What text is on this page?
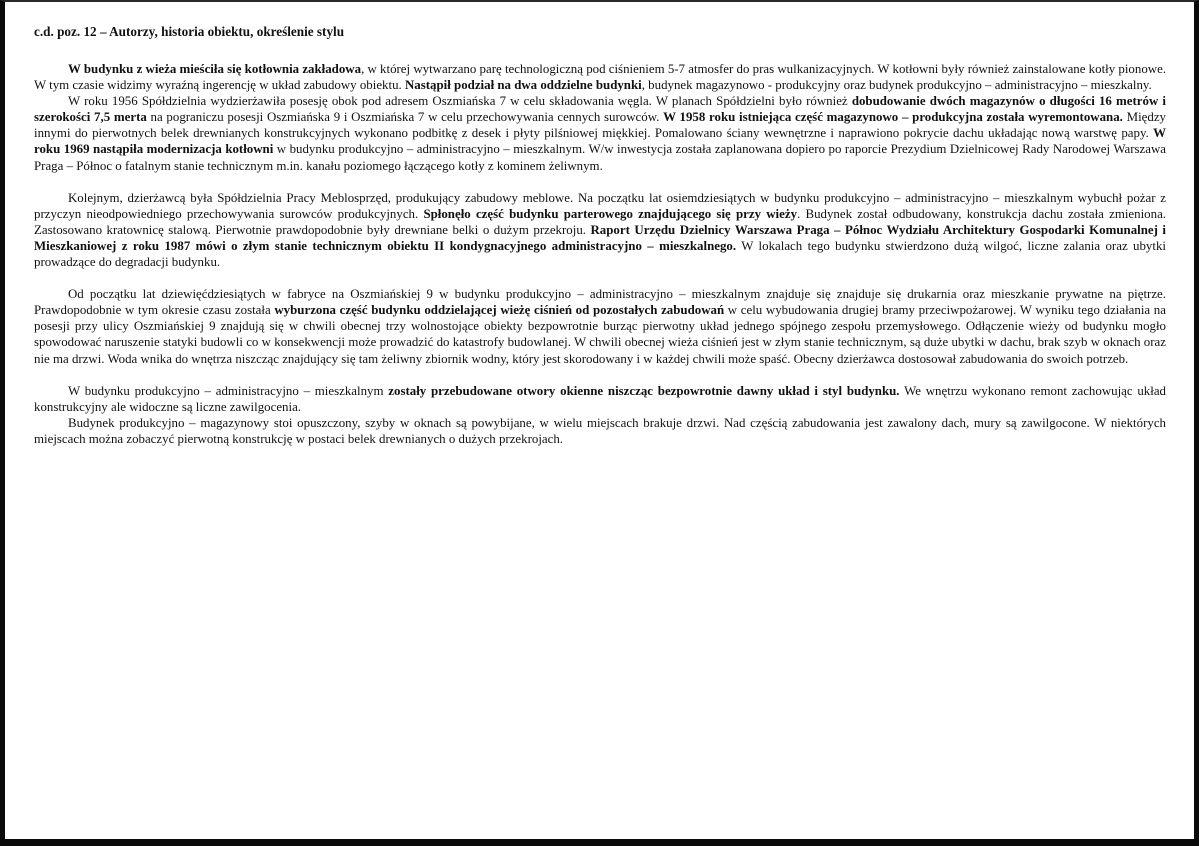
c.d. poz. 12 – Autorzy, historia obiektu, określenie stylu

W budynku z wieża mieściła się kotłownia zakładowa, w której wytwarzano parę technologiczną pod ciśnieniem 5-7 atmosfer do pras wulkanizacyjnych. W kotłowni były również zainstalowane kotły pionowe. W tym czasie widzimy wyraźną ingerencję w układ zabudowy obiektu. Nastąpił podział na dwa oddzielne budynki, budynek magazynowo - produkcyjny oraz budynek produkcyjno – administracyjno – mieszkalny.

W roku 1956 Spółdzielnia wydzierżawiła posesję obok pod adresem Oszmiańska 7 w celu składowania węgla. W planach Spółdzielni było również dobudowanie dwóch magazynów o długości 16 metrów i szerokości 7,5 merta na pograniczu posesji Oszmiańska 9 i Oszmiańska 7 w celu przechowywania cennych surowców. W 1958 roku istniejąca część magazynowo – produkcyjna została wyremontowana. Między innymi do pierwotnych belek drewnianych konstrukcyjnych wykonano podbitkę z desek i płyty pilśniowej miękkiej. Pomalowano ściany wewnętrzne i naprawiono pokrycie dachu układając nową warstwę papy. W roku 1969 nastąpiła modernizacja kotłowni w budynku produkcyjno – administracyjno – mieszkalnym. W/w inwestycja została zaplanowana dopiero po raporcie Prezydium Dzielnicowej Rady Narodowej Warszawa Praga – Północ o fatalnym stanie technicznym m.in. kanału poziomego łączącego kotły z kominem żeliwnym.

Kolejnym, dzierżawcą była Spółdzielnia Pracy Meblosprzęd, produkujący zabudowy meblowe. Na początku lat osiemdziesiątych w budynku produkcyjno – administracyjno – mieszkalnym wybuchł pożar z przyczyn nieodpowiedniego przechowywania surowców produkcyjnych. Spłonęło część budynku parterowego znajdującego się przy wieży. Budynek został odbudowany, konstrukcja dachu została zmieniona. Zastosowano kratownicę stalową. Pierwotnie prawdopodobnie były drewniane belki o dużym przekroju. Raport Urzędu Dzielnicy Warszawa Praga – Północ Wydziału Architektury Gospodarki Komunalnej i Mieszkaniowej z roku 1987 mówi o złym stanie technicznym obiektu II kondygnacyjnego administracyjno – mieszkalnego. W lokalach tego budynku stwierdzono dużą wilgoć, liczne zalania oraz ubytki prowadzące do degradacji budynku.

Od początku lat dziewięćdziesiątych w fabryce na Oszmiańskiej 9 w budynku produkcyjno – administracyjno – mieszkalnym znajduje się znajduje się drukarnia oraz mieszkanie prywatne na piętrze. Prawdopodobnie w tym okresie czasu została wyburzona część budynku oddzielającej wieżę ciśnień od pozostałych zabudowań w celu wybudowania drugiej bramy przeciwpożarowej. W wyniku tego działania na posesji przy ulicy Oszmiańskiej 9 znajdują się w chwili obecnej trzy wolnostojące obiekty bezpowrotnie burząc pierwotny układ jednego spójnego zespołu przemysłowego. Odłączenie wieży od budynku mogło spowodować naruszenie statyki budowli co w konsekwencji może prowadzić do katastrofy budowlanej. W chwili obecnej wieża ciśnień jest w złym stanie technicznym, są duże ubytki w dachu, brak szyb w oknach oraz nie ma drzwi. Woda wnika do wnętrza niszcząc znajdujący się tam żeliwny zbiornik wodny, który jest skorodowany i w każdej chwili może spaść. Obecny dzierżawca dostosował zabudowania do swoich potrzeb.

W budynku produkcyjno – administracyjno – mieszkalnym zostały przebudowane otwory okienne niszcząc bezpowrotnie dawny układ i styl budynku. We wnętrzu wykonano remont zachowując układ konstrukcyjny ale widoczne są liczne zawilgocenia.

Budynek produkcyjno – magazynowy stoi opuszczony, szyby w oknach są powybijane, w wielu miejscach brakuje drzwi. Nad częścią zabudowania jest zawalony dach, mury są zawilgocone. W niektórych miejscach można zobaczyć pierwotną konstrukcję w postaci belek drewnianych o dużych przekrojach.
